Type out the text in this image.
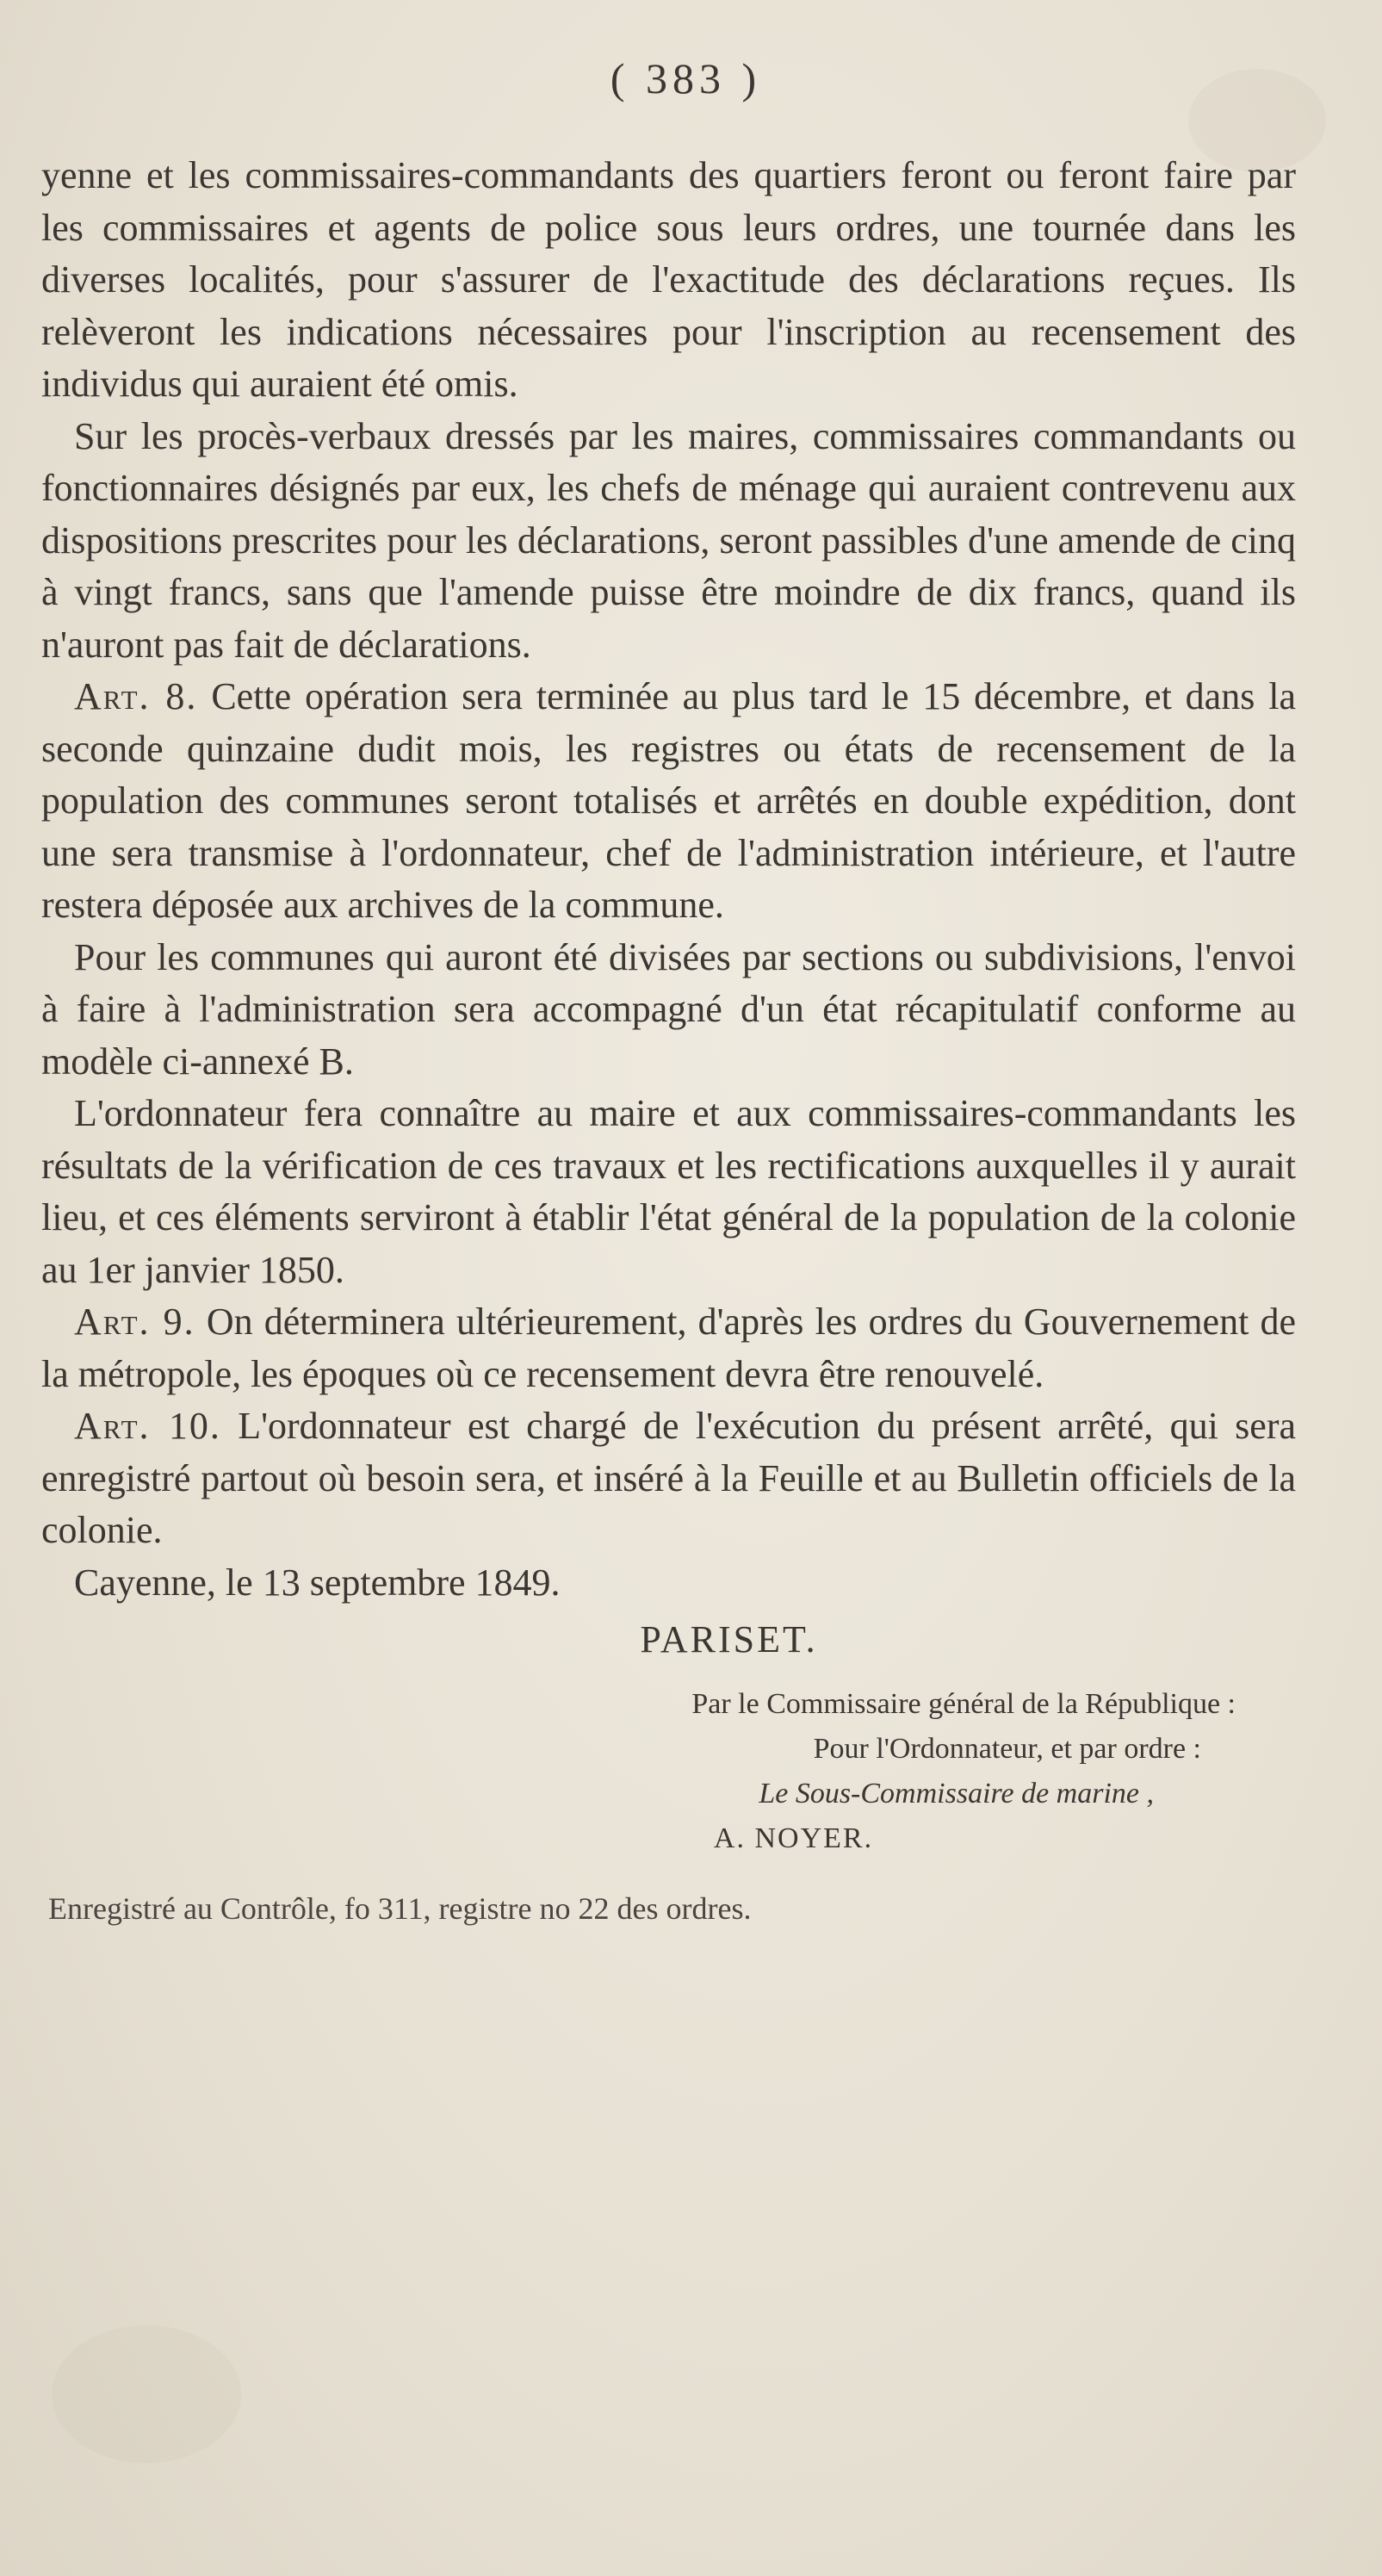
( 383 )

yenne et les commissaires-commandants des quartiers feront ou feront faire par les commissaires et agents de police sous leurs ordres, une tournée dans les diverses localités, pour s'assurer de l'exactitude des déclarations reçues. Ils relèveront les indications nécessaires pour l'inscription au recensement des individus qui auraient été omis.

Sur les procès-verbaux dressés par les maires, commissaires commandants ou fonctionnaires désignés par eux, les chefs de ménage qui auraient contrevenu aux dispositions prescrites pour les déclarations, seront passibles d'une amende de cinq à vingt francs, sans que l'amende puisse être moindre de dix francs, quand ils n'auront pas fait de déclarations.

Art. 8. Cette opération sera terminée au plus tard le 15 décembre, et dans la seconde quinzaine dudit mois, les registres ou états de recensement de la population des communes seront totalisés et arrêtés en double expédition, dont une sera transmise à l'ordonnateur, chef de l'administration intérieure, et l'autre restera déposée aux archives de la commune.

Pour les communes qui auront été divisées par sections ou subdivisions, l'envoi à faire à l'administration sera accompagné d'un état récapitulatif conforme au modèle ci-annexé B.

L'ordonnateur fera connaître au maire et aux commissaires-commandants les résultats de la vérification de ces travaux et les rectifications auxquelles il y aurait lieu, et ces éléments serviront à établir l'état général de la population de la colonie au 1er janvier 1850.

Art. 9. On déterminera ultérieurement, d'après les ordres du Gouvernement de la métropole, les époques où ce recensement devra être renouvelé.

Art. 10. L'ordonnateur est chargé de l'exécution du présent arrêté, qui sera enregistré partout où besoin sera, et inséré à la Feuille et au Bulletin officiels de la colonie.

Cayenne, le 13 septembre 1849.
PARISET.
Par le Commissaire général de la République :
Pour l'Ordonnateur, et par ordre :
Le Sous-Commissaire de marine ,
A. NOYER.
Enregistré au Contrôle, fo 311, registre no 22 des ordres.
